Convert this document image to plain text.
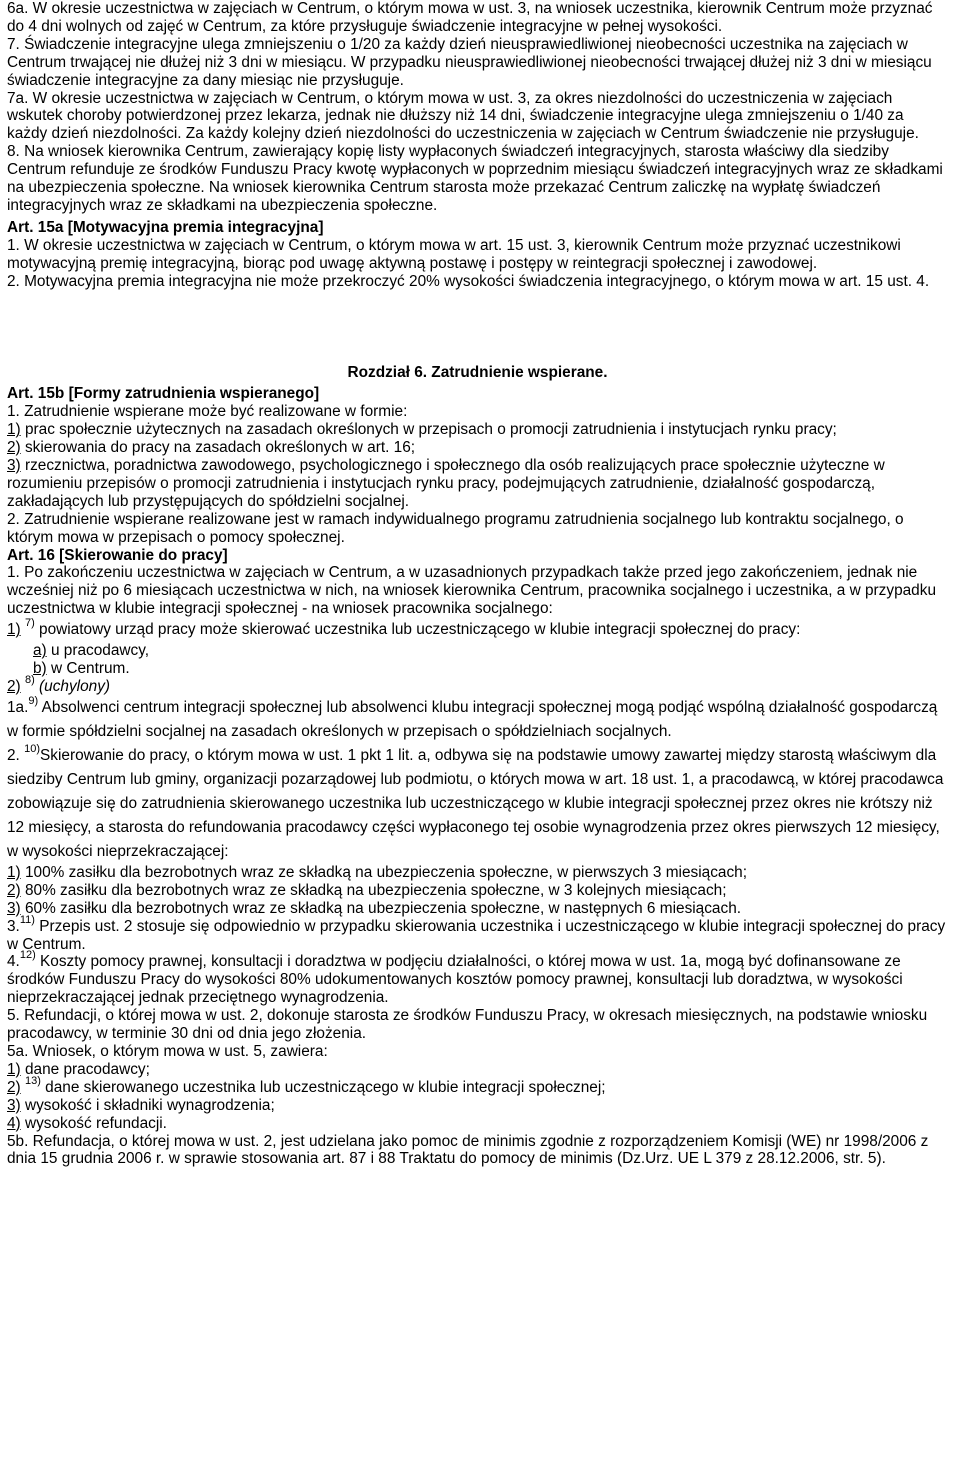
6a. W okresie uczestnictwa w zajęciach w Centrum, o którym mowa w ust. 3, na wniosek uczestnika, kierownik Centrum może przyznać do 4 dni wolnych od zajęć w Centrum, za które przysługuje świadczenie integracyjne w pełnej wysokości.

7. Świadczenie integracyjne ulega zmniejszeniu o 1/20 za każdy dzień nieusprawiedliwionej nieobecności uczestnika na zajęciach w Centrum trwającej nie dłużej niż 3 dni w miesiącu. W przypadku nieusprawiedliwionej nieobecności trwającej dłużej niż 3 dni w miesiącu świadczenie integracyjne za dany miesiąc nie przysługuje.

7a. W okresie uczestnictwa w zajęciach w Centrum, o którym mowa w ust. 3, za okres niezdolności do uczestniczenia w zajęciach wskutek choroby potwierdzonej przez lekarza, jednak nie dłuższy niż 14 dni, świadczenie integracyjne ulega zmniejszeniu o 1/40 za każdy dzień niezdolności. Za każdy kolejny dzień niezdolności do uczestniczenia w zajęciach w Centrum świadczenie nie przysługuje.

8. Na wniosek kierownika Centrum, zawierający kopię listy wypłaconych świadczeń integracyjnych, starosta właściwy dla siedziby Centrum refunduje ze środków Funduszu Pracy kwotę wypłaconych w poprzednim miesiącu świadczeń integracyjnych wraz ze składkami na ubezpieczenia społeczne. Na wniosek kierownika Centrum starosta może przekazać Centrum zaliczkę na wypłatę świadczeń integracyjnych wraz ze składkami na ubezpieczenia społeczne.

Art. 15a [Motywacyjna premia integracyjna]

1. W okresie uczestnictwa w zajęciach w Centrum, o którym mowa w art. 15 ust. 3, kierownik Centrum może przyznać uczestnikowi motywacyjną premię integracyjną, biorąc pod uwagę aktywną postawę i postępy w reintegracji społecznej i zawodowej.

2. Motywacyjna premia integracyjna nie może przekroczyć 20% wysokości świadczenia integracyjnego, o którym mowa w art. 15 ust. 4.

Rozdział 6. Zatrudnienie wspierane.

Art. 15b [Formy zatrudnienia wspieranego]

1. Zatrudnienie wspierane może być realizowane w formie:

1) prac społecznie użytecznych na zasadach określonych w przepisach o promocji zatrudnienia i instytucjach rynku pracy;

2) skierowania do pracy na zasadach określonych w art. 16;

3) rzecznictwa, poradnictwa zawodowego, psychologicznego i społecznego dla osób realizujących prace społecznie użyteczne w rozumieniu przepisów o promocji zatrudnienia i instytucjach rynku pracy, podejmujących zatrudnienie, działalność gospodarczą, zakładających lub przystępujących do spółdzielni socjalnej.

2. Zatrudnienie wspierane realizowane jest w ramach indywidualnego programu zatrudnienia socjalnego lub kontraktu socjalnego, o którym mowa w przepisach o pomocy społecznej.

Art. 16 [Skierowanie do pracy]

1. Po zakończeniu uczestnictwa w zajęciach w Centrum, a w uzasadnionych przypadkach także przed jego zakończeniem, jednak nie wcześniej niż po 6 miesiącach uczestnictwa w nich, na wniosek kierownika Centrum, pracownika socjalnego i uczestnika, a w przypadku uczestnictwa w klubie integracji społecznej - na wniosek pracownika socjalnego:

1) $^{7)}$ powiatowy urząd pracy może skierować uczestnika lub uczestniczącego w klubie integracji społecznej do pracy:

a) u pracodawcy,

b) w Centrum.

2) $^{8)}$ (uchylony)

1a.$^{9)}$ Absolwenci centrum integracji społecznej lub absolwenci klubu integracji społecznej mogą podjąć wspólną działalność gospodarczą w formie spółdzielni socjalnej na zasadach określonych w przepisach o spółdzielniach socjalnych.

2. $^{10)}$Skierowanie do pracy, o którym mowa w ust. 1 pkt 1 lit. a, odbywa się na podstawie umowy zawartej między starostą właściwym dla siedziby Centrum lub gminy, organizacji pozarządowej lub podmiotu, o których mowa w art. 18 ust. 1, a pracodawcą, w której pracodawca zobowiązuje się do zatrudnienia skierowanego uczestnika lub uczestniczącego w klubie integracji społecznej przez okres nie krótszy niż 12 miesięcy, a starosta do refundowania pracodawcy części wypłaconego tej osobie wynagrodzenia przez okres pierwszych 12 miesięcy, w wysokości nieprzekraczającej:

1) 100% zasiłku dla bezrobotnych wraz ze składką na ubezpieczenia społeczne, w pierwszych 3 miesiącach;

2) 80% zasiłku dla bezrobotnych wraz ze składką na ubezpieczenia społeczne, w 3 kolejnych miesiącach;

3) 60% zasiłku dla bezrobotnych wraz ze składką na ubezpieczenia społeczne, w następnych 6 miesiącach.

3.$^{11)}$ Przepis ust. 2 stosuje się odpowiednio w przypadku skierowania uczestnika i uczestniczącego w klubie integracji społecznej do pracy w Centrum.

4.$^{12)}$ Koszty pomocy prawnej, konsultacji i doradztwa w podjęciu działalności, o której mowa w ust. 1a, mogą być dofinansowane ze środków Funduszu Pracy do wysokości 80% udokumentowanych kosztów pomocy prawnej, konsultacji lub doradztwa, w wysokości nieprzekraczającej jednak przeciętnego wynagrodzenia.

5. Refundacji, o której mowa w ust. 2, dokonuje starosta ze środków Funduszu Pracy, w okresach miesięcznych, na podstawie wniosku pracodawcy, w terminie 30 dni od dnia jego złożenia.

5a. Wniosek, o którym mowa w ust. 5, zawiera:

1) dane pracodawcy;

2) $^{13)}$ dane skierowanego uczestnika lub uczestniczącego w klubie integracji społecznej;

3) wysokość i składniki wynagrodzenia;

4) wysokość refundacji.

5b. Refundacja, o której mowa w ust. 2, jest udzielana jako pomoc de minimis zgodnie z rozporządzeniem Komisji (WE) nr 1998/2006 z dnia 15 grudnia 2006 r. w sprawie stosowania art. 87 i 88 Traktatu do pomocy de minimis (Dz.Urz. UE L 379 z 28.12.2006, str. 5).
